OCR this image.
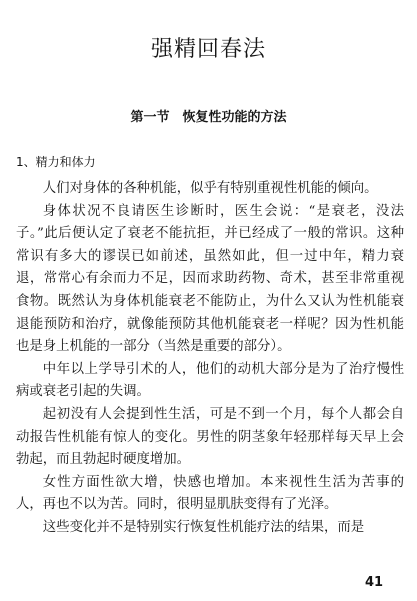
强精回春法
第一节　恢复性功能的方法
1、精力和体力

人们对身体的各种机能，似乎有特别重视性机能的倾向。

身体状况不良请医生诊断时，医生会说：“是衰老，没法子。”此后便认定了衰老不能抗拒，并已经成了一般的常识。这种常识有多大的谬误已如前述，虽然如此，但一过中年，精力衰退，常常心有余而力不足，因而求助药物、奇术，甚至非常重视食物。既然认为身体机能衰老不能防止，为什么又认为性机能衰退能预防和治疗，就像能预防其他机能衰老一样呢？因为性机能也是身上机能的一部分（当然是重要的部分）。

中年以上学导引术的人，他们的动机大部分是为了治疗慢性病或衰老引起的失调。

起初没有人会提到性生活，可是不到一个月，每个人都会自动报告性机能有惊人的变化。男性的阴茎象年轻那样每天早上会勃起，而且勃起时硬度增加。

女性方面性欲大增，快感也增加。本来视性生活为苦事的人，再也不以为苦。同时，很明显肌肤变得有了光泽。

这些变化并不是特别实行恢复性机能疗法的结果，而是

41
